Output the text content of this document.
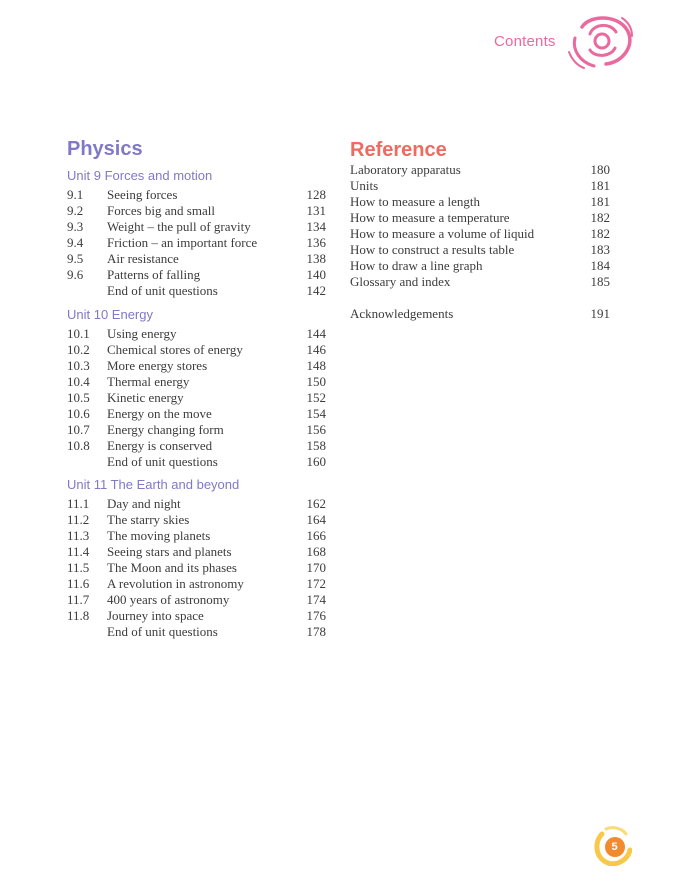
Contents
Physics
Unit 9 Forces and motion
9.1 Seeing forces	128
9.2 Forces big and small	131
9.3 Weight – the pull of gravity	134
9.4 Friction – an important force	136
9.5 Air resistance	138
9.6 Patterns of falling	140
End of unit questions	142
Unit 10 Energy
10.1 Using energy	144
10.2 Chemical stores of energy	146
10.3 More energy stores	148
10.4 Thermal energy	150
10.5 Kinetic energy	152
10.6 Energy on the move	154
10.7 Energy changing form	156
10.8 Energy is conserved	158
End of unit questions	160
Unit 11 The Earth and beyond
11.1 Day and night	162
11.2 The starry skies	164
11.3 The moving planets	166
11.4 Seeing stars and planets	168
11.5 The Moon and its phases	170
11.6 A revolution in astronomy	172
11.7 400 years of astronomy	174
11.8 Journey into space	176
End of unit questions	178
Reference
Laboratory apparatus	180
Units	181
How to measure a length	181
How to measure a temperature	182
How to measure a volume of liquid	182
How to construct a results table	183
How to draw a line graph	184
Glossary and index	185
Acknowledgements	191
5
